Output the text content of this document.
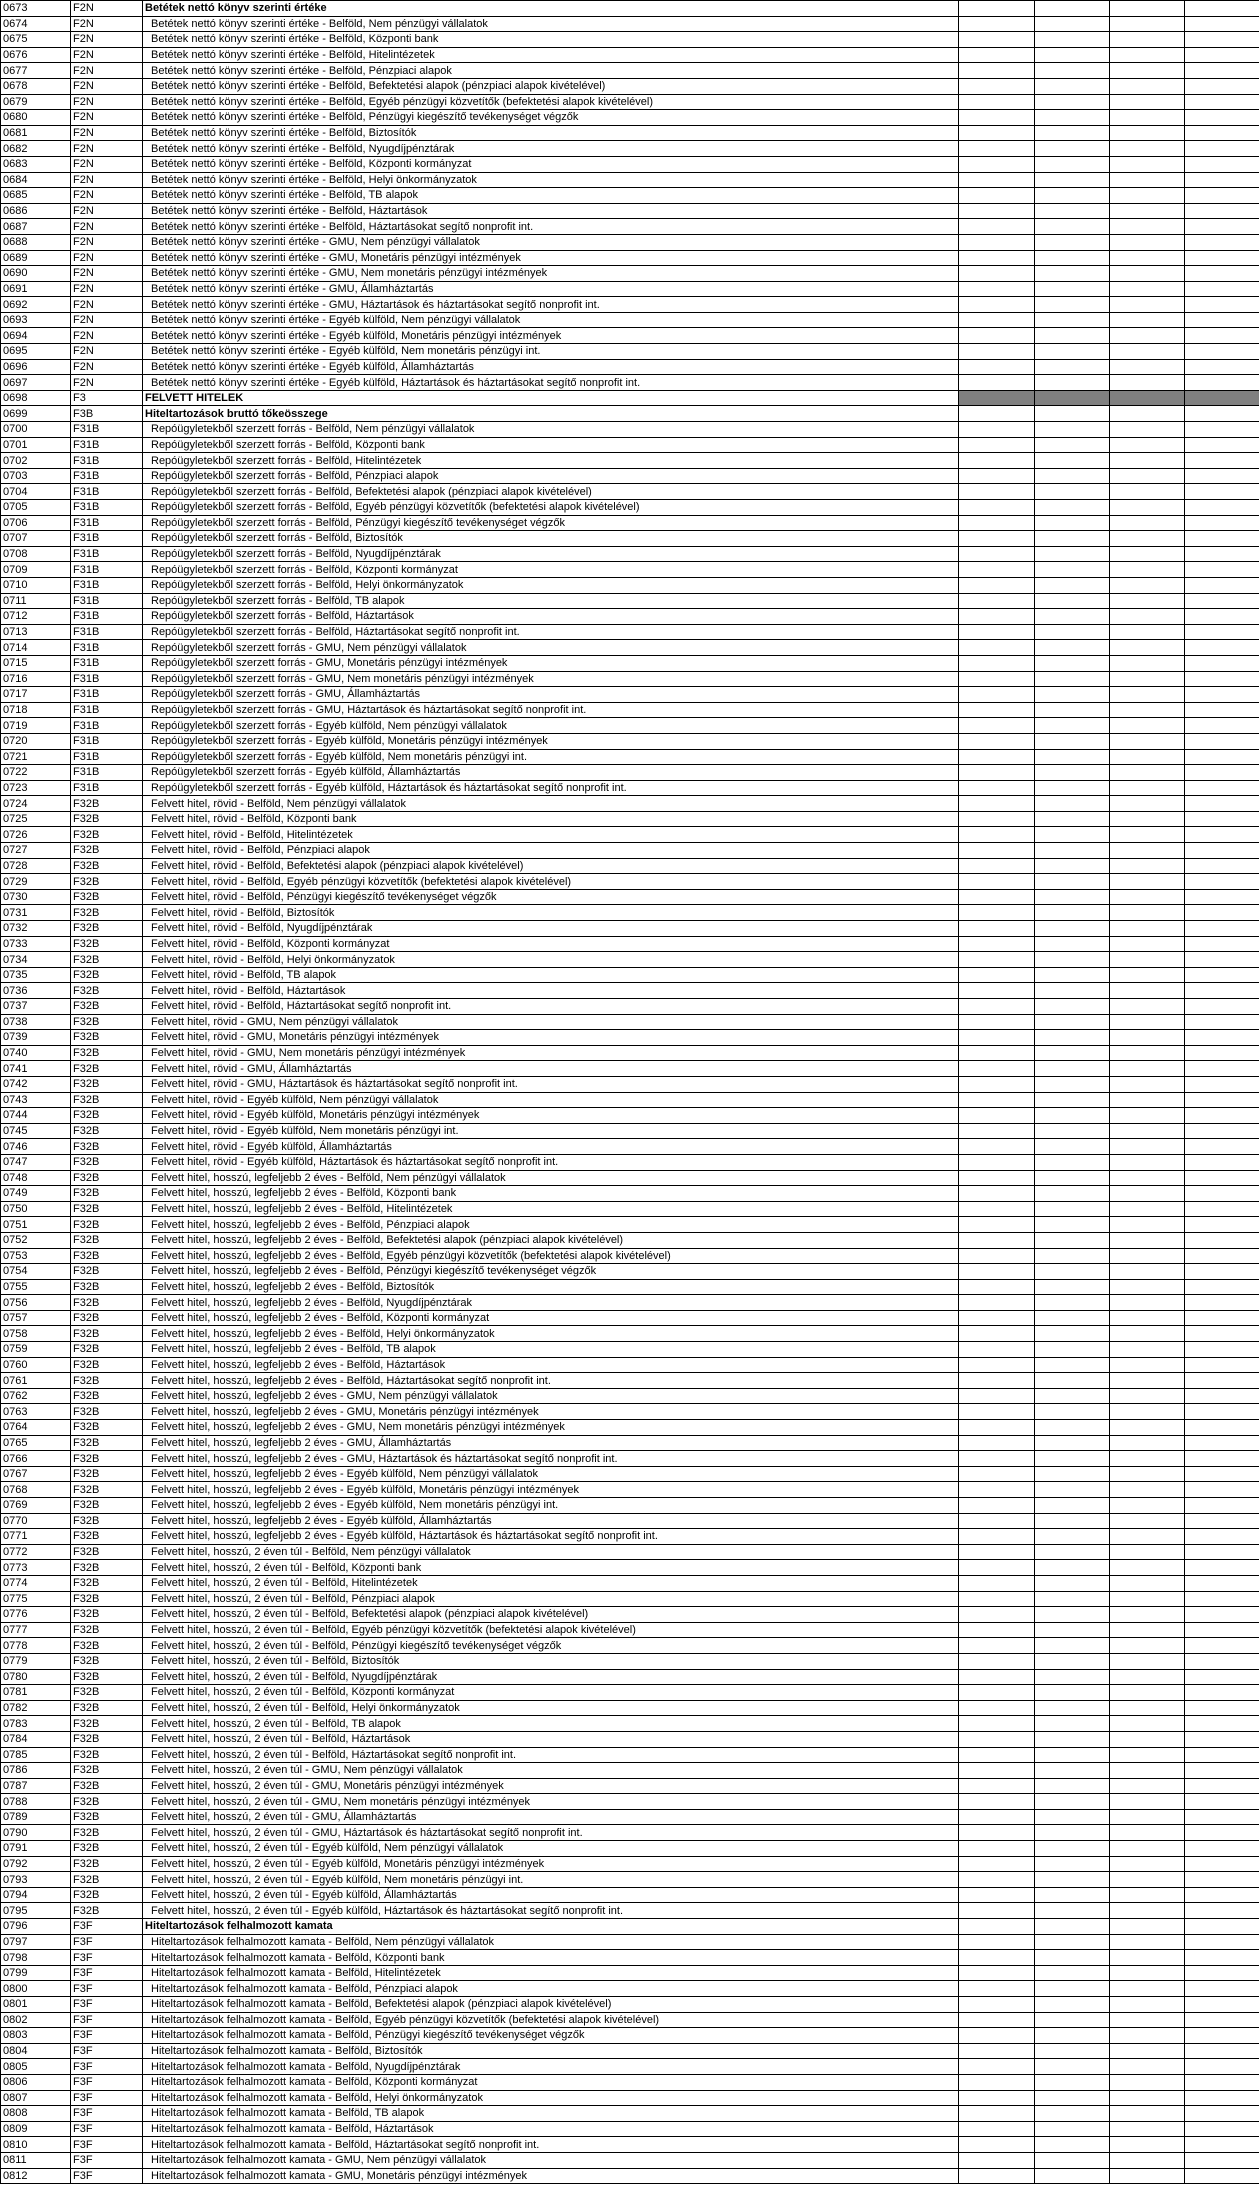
0673	F2N	Betétek nettó könyv szerinti értéke				
0674	F2N	Betétek nettó könyv szerinti értéke - Belföld, Nem pénzügyi vállalatok				
0675	F2N	Betétek nettó könyv szerinti értéke - Belföld, Központi bank				
0676	F2N	Betétek nettó könyv szerinti értéke - Belföld, Hitelintézetek				
0677	F2N	Betétek nettó könyv szerinti értéke - Belföld, Pénzpiaci alapok				
0678	F2N	Betétek nettó könyv szerinti értéke - Belföld, Befektetési alapok (pénzpiaci alapok kivételével)				
0679	F2N	Betétek nettó könyv szerinti értéke - Belföld, Egyéb pénzügyi közvetítők (befektetési alapok kivételével)				
0680	F2N	Betétek nettó könyv szerinti értéke - Belföld, Pénzügyi kiegészítő tevékenységet végzők				
0681	F2N	Betétek nettó könyv szerinti értéke - Belföld, Biztosítók				
0682	F2N	Betétek nettó könyv szerinti értéke - Belföld, Nyugdíjpénztárak				
0683	F2N	Betétek nettó könyv szerinti értéke - Belföld, Központi kormányzat				
0684	F2N	Betétek nettó könyv szerinti értéke - Belföld, Helyi önkormányzatok				
0685	F2N	Betétek nettó könyv szerinti értéke - Belföld, TB alapok				
0686	F2N	Betétek nettó könyv szerinti értéke - Belföld, Háztartások				
0687	F2N	Betétek nettó könyv szerinti értéke - Belföld, Háztartásokat segítő nonprofit int.				
0688	F2N	Betétek nettó könyv szerinti értéke - GMU, Nem pénzügyi vállalatok				
0689	F2N	Betétek nettó könyv szerinti értéke - GMU, Monetáris pénzügyi intézmények				
0690	F2N	Betétek nettó könyv szerinti értéke - GMU, Nem monetáris pénzügyi intézmények				
0691	F2N	Betétek nettó könyv szerinti értéke - GMU, Államháztartás				
0692	F2N	Betétek nettó könyv szerinti értéke - GMU, Háztartások és háztartásokat segítő nonprofit int.				
0693	F2N	Betétek nettó könyv szerinti értéke - Egyéb külföld, Nem pénzügyi vállalatok				
0694	F2N	Betétek nettó könyv szerinti értéke - Egyéb külföld, Monetáris pénzügyi intézmények				
0695	F2N	Betétek nettó könyv szerinti értéke - Egyéb külföld, Nem monetáris pénzügyi int.				
0696	F2N	Betétek nettó könyv szerinti értéke - Egyéb külföld, Államháztartás				
0697	F2N	Betétek nettó könyv szerinti értéke - Egyéb külföld, Háztartások és háztartásokat segítő nonprofit int.				
0698	F3	FELVETT HITELEK				
0699	F3B	Hiteltartozások bruttó tőkeösszege				
0700	F31B	Repóügyletekből szerzett forrás - Belföld, Nem pénzügyi vállalatok				
0701	F31B	Repóügyletekből szerzett forrás - Belföld, Központi bank				
0702	F31B	Repóügyletekből szerzett forrás - Belföld, Hitelintézetek				
0703	F31B	Repóügyletekből szerzett forrás - Belföld, Pénzpiaci alapok				
0704	F31B	Repóügyletekből szerzett forrás - Belföld, Befektetési alapok (pénzpiaci alapok kivételével)				
0705	F31B	Repóügyletekből szerzett forrás - Belföld, Egyéb pénzügyi közvetítők (befektetési alapok kivételével)				
0706	F31B	Repóügyletekből szerzett forrás - Belföld, Pénzügyi kiegészítő tevékenységet végzők				
0707	F31B	Repóügyletekből szerzett forrás - Belföld, Biztosítók				
0708	F31B	Repóügyletekből szerzett forrás - Belföld, Nyugdíjpénztárak				
0709	F31B	Repóügyletekből szerzett forrás - Belföld, Központi kormányzat				
0710	F31B	Repóügyletekből szerzett forrás - Belföld, Helyi önkormányzatok				
0711	F31B	Repóügyletekből szerzett forrás - Belföld, TB alapok				
0712	F31B	Repóügyletekből szerzett forrás - Belföld, Háztartások				
0713	F31B	Repóügyletekből szerzett forrás - Belföld, Háztartásokat segítő nonprofit int.				
0714	F31B	Repóügyletekből szerzett forrás - GMU, Nem pénzügyi vállalatok				
0715	F31B	Repóügyletekből szerzett forrás - GMU, Monetáris pénzügyi intézmények				
0716	F31B	Repóügyletekből szerzett forrás - GMU, Nem monetáris pénzügyi intézmények				
0717	F31B	Repóügyletekből szerzett forrás - GMU, Államháztartás				
0718	F31B	Repóügyletekből szerzett forrás - GMU, Háztartások és háztartásokat segítő nonprofit int.				
0719	F31B	Repóügyletekből szerzett forrás - Egyéb külföld, Nem pénzügyi vállalatok				
0720	F31B	Repóügyletekből szerzett forrás - Egyéb külföld, Monetáris pénzügyi intézmények				
0721	F31B	Repóügyletekből szerzett forrás - Egyéb külföld, Nem monetáris pénzügyi int.				
0722	F31B	Repóügyletekből szerzett forrás - Egyéb külföld, Államháztartás				
0723	F31B	Repóügyletekből szerzett forrás - Egyéb külföld, Háztartások és háztartásokat segítő nonprofit int.				
0724	F32B	Felvett hitel, rövid - Belföld, Nem pénzügyi vállalatok				
0725	F32B	Felvett hitel, rövid - Belföld, Központi bank				
0726	F32B	Felvett hitel, rövid - Belföld, Hitelintézetek				
0727	F32B	Felvett hitel, rövid - Belföld, Pénzpiaci alapok				
0728	F32B	Felvett hitel, rövid - Belföld, Befektetési alapok (pénzpiaci alapok kivételével)				
0729	F32B	Felvett hitel, rövid - Belföld, Egyéb pénzügyi közvetítők (befektetési alapok kivételével)				
0730	F32B	Felvett hitel, rövid - Belföld, Pénzügyi kiegészítő tevékenységet végzők				
0731	F32B	Felvett hitel, rövid - Belföld, Biztosítók				
0732	F32B	Felvett hitel, rövid - Belföld, Nyugdíjpénztárak				
0733	F32B	Felvett hitel, rövid - Belföld, Központi kormányzat				
0734	F32B	Felvett hitel, rövid - Belföld, Helyi önkormányzatok				
0735	F32B	Felvett hitel, rövid - Belföld, TB alapok				
0736	F32B	Felvett hitel, rövid - Belföld, Háztartások				
0737	F32B	Felvett hitel, rövid - Belföld, Háztartásokat segítő nonprofit int.				
0738	F32B	Felvett hitel, rövid - GMU, Nem pénzügyi vállalatok				
0739	F32B	Felvett hitel, rövid - GMU, Monetáris pénzügyi intézmények				
0740	F32B	Felvett hitel, rövid - GMU, Nem monetáris pénzügyi intézmények				
0741	F32B	Felvett hitel, rövid - GMU, Államháztartás				
0742	F32B	Felvett hitel, rövid - GMU, Háztartások és háztartásokat segítő nonprofit int.				
0743	F32B	Felvett hitel, rövid - Egyéb külföld, Nem pénzügyi vállalatok				
0744	F32B	Felvett hitel, rövid - Egyéb külföld, Monetáris pénzügyi intézmények				
0745	F32B	Felvett hitel, rövid - Egyéb külföld, Nem monetáris pénzügyi int.				
0746	F32B	Felvett hitel, rövid - Egyéb külföld, Államháztartás				
0747	F32B	Felvett hitel, rövid - Egyéb külföld, Háztartások és háztartásokat segítő nonprofit int.				
0748	F32B	Felvett hitel, hosszú, legfeljebb 2 éves - Belföld, Nem pénzügyi vállalatok				
0749	F32B	Felvett hitel, hosszú, legfeljebb 2 éves - Belföld, Központi bank				
0750	F32B	Felvett hitel, hosszú, legfeljebb 2 éves - Belföld, Hitelintézetek				
0751	F32B	Felvett hitel, hosszú, legfeljebb 2 éves - Belföld, Pénzpiaci alapok				
0752	F32B	Felvett hitel, hosszú, legfeljebb 2 éves - Belföld, Befektetési alapok (pénzpiaci alapok kivételével)				
0753	F32B	Felvett hitel, hosszú, legfeljebb 2 éves - Belföld, Egyéb pénzügyi közvetítők (befektetési alapok kivételével)				
0754	F32B	Felvett hitel, hosszú, legfeljebb 2 éves - Belföld, Pénzügyi kiegészítő tevékenységet végzők				
0755	F32B	Felvett hitel, hosszú, legfeljebb 2 éves - Belföld, Biztosítók				
0756	F32B	Felvett hitel, hosszú, legfeljebb 2 éves - Belföld, Nyugdíjpénztárak				
0757	F32B	Felvett hitel, hosszú, legfeljebb 2 éves - Belföld, Központi kormányzat				
0758	F32B	Felvett hitel, hosszú, legfeljebb 2 éves - Belföld, Helyi önkormányzatok				
0759	F32B	Felvett hitel, hosszú, legfeljebb 2 éves - Belföld, TB alapok				
0760	F32B	Felvett hitel, hosszú, legfeljebb 2 éves - Belföld, Háztartások				
0761	F32B	Felvett hitel, hosszú, legfeljebb 2 éves - Belföld, Háztartásokat segítő nonprofit int.				
0762	F32B	Felvett hitel, hosszú, legfeljebb 2 éves - GMU, Nem pénzügyi vállalatok				
0763	F32B	Felvett hitel, hosszú, legfeljebb 2 éves - GMU, Monetáris pénzügyi intézmények				
0764	F32B	Felvett hitel, hosszú, legfeljebb 2 éves - GMU, Nem monetáris pénzügyi intézmények				
0765	F32B	Felvett hitel, hosszú, legfeljebb 2 éves - GMU, Államháztartás				
0766	F32B	Felvett hitel, hosszú, legfeljebb 2 éves - GMU, Háztartások és háztartásokat segítő nonprofit int.				
0767	F32B	Felvett hitel, hosszú, legfeljebb 2 éves - Egyéb külföld, Nem pénzügyi vállalatok				
0768	F32B	Felvett hitel, hosszú, legfeljebb 2 éves - Egyéb külföld, Monetáris pénzügyi intézmények				
0769	F32B	Felvett hitel, hosszú, legfeljebb 2 éves - Egyéb külföld, Nem monetáris pénzügyi int.				
0770	F32B	Felvett hitel, hosszú, legfeljebb 2 éves - Egyéb külföld, Államháztartás				
0771	F32B	Felvett hitel, hosszú, legfeljebb 2 éves - Egyéb külföld, Háztartások és háztartásokat segítő nonprofit int.				
0772	F32B	Felvett hitel, hosszú, 2 éven túl - Belföld, Nem pénzügyi vállalatok				
0773	F32B	Felvett hitel, hosszú, 2 éven túl - Belföld, Központi bank				
0774	F32B	Felvett hitel, hosszú, 2 éven túl - Belföld, Hitelintézetek				
0775	F32B	Felvett hitel, hosszú, 2 éven túl - Belföld, Pénzpiaci alapok				
0776	F32B	Felvett hitel, hosszú, 2 éven túl - Belföld, Befektetési alapok (pénzpiaci alapok kivételével)				
0777	F32B	Felvett hitel, hosszú, 2 éven túl - Belföld, Egyéb pénzügyi közvetítők (befektetési alapok kivételével)				
0778	F32B	Felvett hitel, hosszú, 2 éven túl - Belföld, Pénzügyi kiegészítő tevékenységet végzők				
0779	F32B	Felvett hitel, hosszú, 2 éven túl - Belföld, Biztosítók				
0780	F32B	Felvett hitel, hosszú, 2 éven túl - Belföld, Nyugdíjpénztárak				
0781	F32B	Felvett hitel, hosszú, 2 éven túl - Belföld, Központi kormányzat				
0782	F32B	Felvett hitel, hosszú, 2 éven túl - Belföld, Helyi önkormányzatok				
0783	F32B	Felvett hitel, hosszú, 2 éven túl - Belföld, TB alapok				
0784	F32B	Felvett hitel, hosszú, 2 éven túl - Belföld, Háztartások				
0785	F32B	Felvett hitel, hosszú, 2 éven túl - Belföld, Háztartásokat segítő nonprofit int.				
0786	F32B	Felvett hitel, hosszú, 2 éven túl - GMU, Nem pénzügyi vállalatok				
0787	F32B	Felvett hitel, hosszú, 2 éven túl - GMU, Monetáris pénzügyi intézmények				
0788	F32B	Felvett hitel, hosszú, 2 éven túl - GMU, Nem monetáris pénzügyi intézmények				
0789	F32B	Felvett hitel, hosszú, 2 éven túl - GMU, Államháztartás				
0790	F32B	Felvett hitel, hosszú, 2 éven túl - GMU, Háztartások és háztartásokat segítő nonprofit int.				
0791	F32B	Felvett hitel, hosszú, 2 éven túl - Egyéb külföld, Nem pénzügyi vállalatok				
0792	F32B	Felvett hitel, hosszú, 2 éven túl - Egyéb külföld, Monetáris pénzügyi intézmények				
0793	F32B	Felvett hitel, hosszú, 2 éven túl - Egyéb külföld, Nem monetáris pénzügyi int.				
0794	F32B	Felvett hitel, hosszú, 2 éven túl - Egyéb külföld, Államháztartás				
0795	F32B	Felvett hitel, hosszú, 2 éven túl - Egyéb külföld, Háztartások és háztartásokat segítő nonprofit int.				
0796	F3F	Hiteltartozások felhalmozott kamata				
0797	F3F	Hiteltartozások felhalmozott kamata - Belföld, Nem pénzügyi vállalatok				
0798	F3F	Hiteltartozások felhalmozott kamata - Belföld, Központi bank				
0799	F3F	Hiteltartozások felhalmozott kamata - Belföld, Hitelintézetek				
0800	F3F	Hiteltartozások felhalmozott kamata - Belföld, Pénzpiaci alapok				
0801	F3F	Hiteltartozások felhalmozott kamata - Belföld, Befektetési alapok (pénzpiaci alapok kivételével)				
0802	F3F	Hiteltartozások felhalmozott kamata - Belföld, Egyéb pénzügyi közvetítők (befektetési alapok kivételével)				
0803	F3F	Hiteltartozások felhalmozott kamata - Belföld, Pénzügyi kiegészítő tevékenységet végzők				
0804	F3F	Hiteltartozások felhalmozott kamata - Belföld, Biztosítók				
0805	F3F	Hiteltartozások felhalmozott kamata - Belföld, Nyugdíjpénztárak				
0806	F3F	Hiteltartozások felhalmozott kamata - Belföld, Központi kormányzat				
0807	F3F	Hiteltartozások felhalmozott kamata - Belföld, Helyi önkormányzatok				
0808	F3F	Hiteltartozások felhalmozott kamata - Belföld, TB alapok				
0809	F3F	Hiteltartozások felhalmozott kamata - Belföld, Háztartások				
0810	F3F	Hiteltartozások felhalmozott kamata - Belföld, Háztartásokat segítő nonprofit int.				
0811	F3F	Hiteltartozások felhalmozott kamata - GMU, Nem pénzügyi vállalatok				
0812	F3F	Hiteltartozások felhalmozott kamata - GMU, Monetáris pénzügyi intézmények				
